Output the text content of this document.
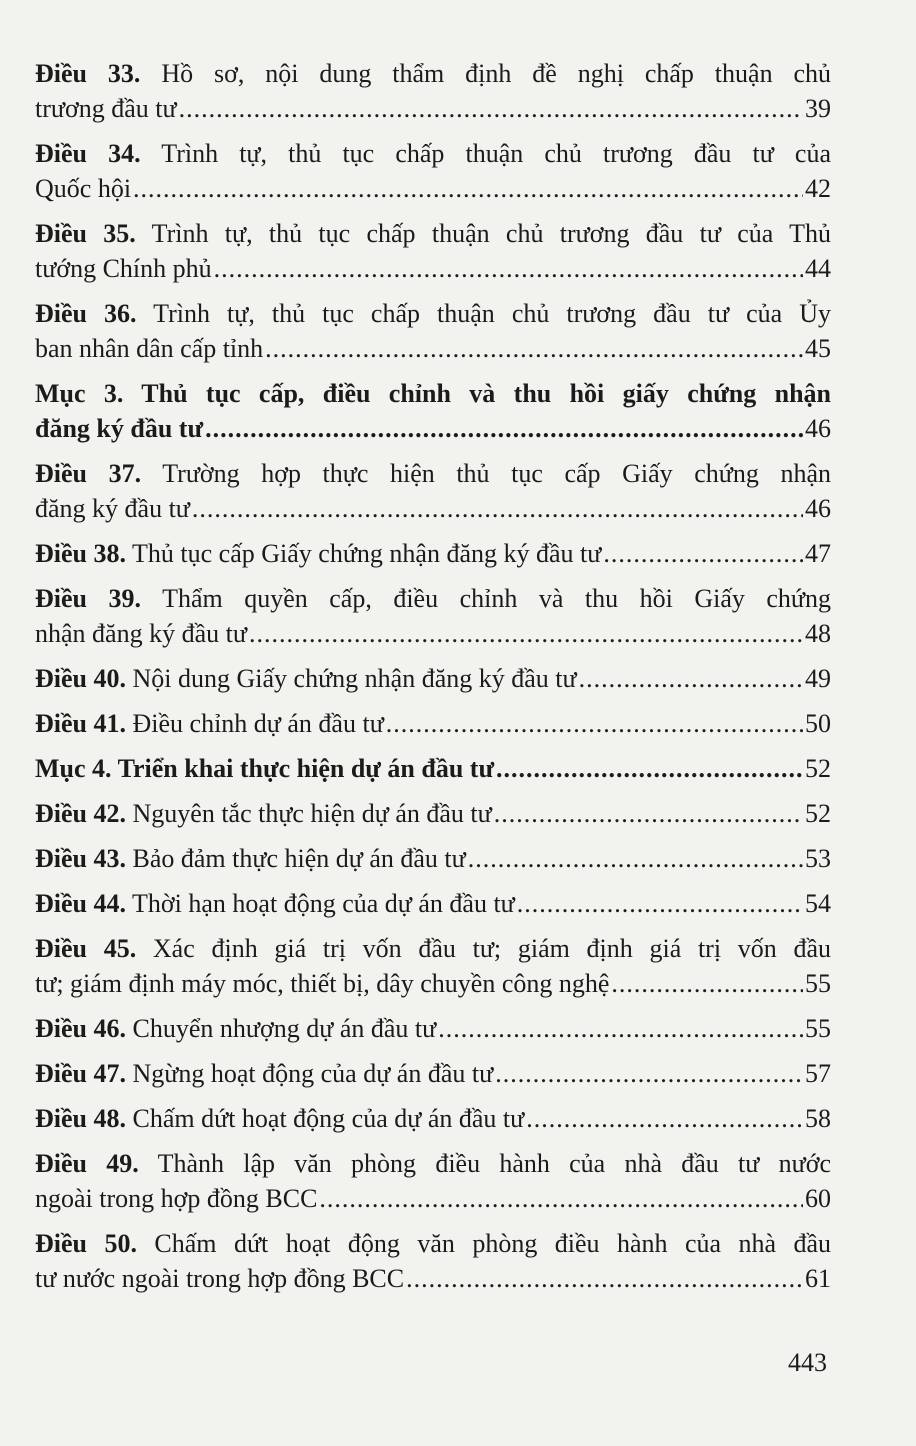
Điều 33. Hồ sơ, nội dung thẩm định đề nghị chấp thuận chủ
trương đầu tư .....	39
Điều 34. Trình tự, thủ tục chấp thuận chủ trương đầu tư của
Quốc hội .....	42
Điều 35. Trình tự, thủ tục chấp thuận chủ trương đầu tư của Thủ
tướng Chính phủ .....	44
Điều 36. Trình tự, thủ tục chấp thuận chủ trương đầu tư của Ủy
ban nhân dân cấp tỉnh .....	45
Mục 3. Thủ tục cấp, điều chỉnh và thu hồi giấy chứng nhận
đăng ký đầu tư .....	46
Điều 37. Trường hợp thực hiện thủ tục cấp Giấy chứng nhận
đăng ký đầu tư .....	46
Điều 38. Thủ tục cấp Giấy chứng nhận đăng ký đầu tư .....	47
Điều 39. Thẩm quyền cấp, điều chỉnh và thu hồi Giấy chứng
nhận đăng ký đầu tư .....	48
Điều 40. Nội dung Giấy chứng nhận đăng ký đầu tư .....	49
Điều 41. Điều chỉnh dự án đầu tư .....	50
Mục 4. Triển khai thực hiện dự án đầu tư .....	52
Điều 42. Nguyên tắc thực hiện dự án đầu tư .....	52
Điều 43. Bảo đảm thực hiện dự án đầu tư .....	53
Điều 44. Thời hạn hoạt động của dự án đầu tư .....	54
Điều 45. Xác định giá trị vốn đầu tư; giám định giá trị vốn đầu
tư; giám định máy móc, thiết bị, dây chuyền công nghệ .....	55
Điều 46. Chuyển nhượng dự án đầu tư .....	55
Điều 47. Ngừng hoạt động của dự án đầu tư .....	57
Điều 48. Chấm dứt hoạt động của dự án đầu tư .....	58
Điều 49. Thành lập văn phòng điều hành của nhà đầu tư nước
ngoài trong hợp đồng BCC .....	60
Điều 50. Chấm dứt hoạt động văn phòng điều hành của nhà đầu
tư nước ngoài trong hợp đồng BCC .....	61
443
